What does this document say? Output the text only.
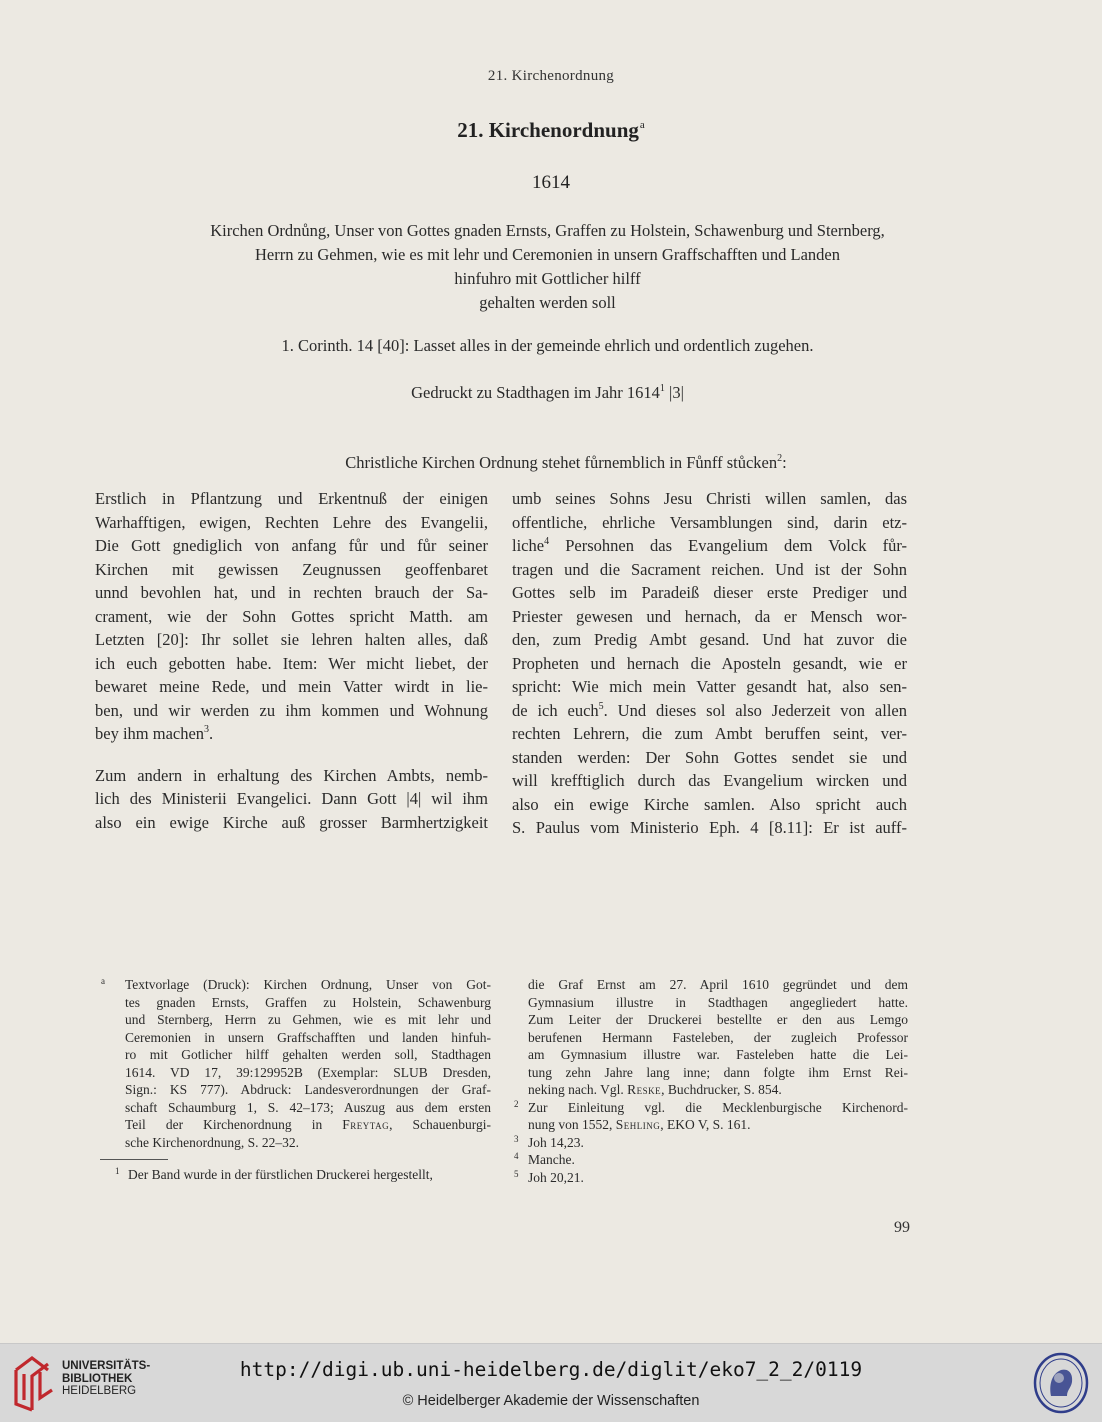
21. Kirchenordnung
21. Kirchenordnung$^a$
1614
Kirchen Ordnůng, Unser von Gottes gnaden Ernsts, Graffen zu Holstein, Schawenburg und Sternberg,
Herrn zu Gehmen, wie es mit lehr und Ceremonien in unsern Graffschafften und Landen
hinfuhro mit Gottlicher hilff
gehalten werden soll
1. Corinth. 14 [40]: Lasset alles in der gemeinde ehrlich und ordentlich zugehen.
Gedruckt zu Stadthagen im Jahr 1614$^1$ |3|
Christliche Kirchen Ordnung stehet fůrnemblich in Fůnff stůcken$^2$:
Erstlich in Pflantzung und Erkentnuß der einigen
Warhafftigen, ewigen, Rechten Lehre des Evangelii,
Die Gott gnediglich von anfang fůr und fůr seiner
Kirchen mit gewissen Zeugnussen geoffenbaret
unnd bevohlen hat, und in rechten brauch der Sa-
crament, wie der Sohn Gottes spricht Matth. am
Letzten [20]: Ihr sollet sie lehren halten alles, daß
ich euch gebotten habe. Item: Wer micht liebet, der
bewaret meine Rede, und mein Vatter wirdt in lie-
ben, und wir werden zu ihm kommen und Wohnung
bey ihm machen$^3$.
Zum andern in erhaltung des Kirchen Ambts, nemb-
lich des Ministerii Evangelici. Dann Gott |4| wil ihm
also ein ewige Kirche auß grosser Barmhertzigkeit
umb seines Sohns Jesu Christi willen samlen, das
offentliche, ehrliche Versamblungen sind, darin etz-
liche$^4$ Persohnen das Evangelium dem Volck fůr-
tragen und die Sacrament reichen. Und ist der Sohn
Gottes selb im Paradeiß dieser erste Prediger und
Priester gewesen und hernach, da er Mensch wor-
den, zum Predig Ambt gesand. Und hat zuvor die
Propheten und hernach die Aposteln gesandt, wie er
spricht: Wie mich mein Vatter gesandt hat, also sen-
de ich euch$^5$. Und dieses sol also Jederzeit von allen
rechten Lehrern, die zum Ambt beruffen seint, ver-
standen werden: Der Sohn Gottes sendet sie und
will krefftiglich durch das Evangelium wircken und
also ein ewige Kirche samlen. Also spricht auch
S. Paulus vom Ministerio Eph. 4 [8.11]: Er ist auff-
a Textvorlage (Druck): Kirchen Ordnung, Unser von Got-
tes gnaden Ernsts, Graffen zu Holstein, Schawenburg
und Sternberg, Herrn zu Gehmen, wie es mit lehr und
Ceremonien in unsern Graffschafften und landen hinfuh-
ro mit Gotlicher hilff gehalten werden soll, Stadthagen
1614. VD 17, 39:129952B (Exemplar: SLUB Dresden,
Sign.: KS 777). Abdruck: Landesverordnungen der Graf-
schaft Schaumburg 1, S. 42–173; Auszug aus dem ersten
Teil der Kirchenordnung in Freytag, Schauenburgi-
sche Kirchenordnung, S. 22–32.
1 Der Band wurde in der fürstlichen Druckerei hergestellt,
die Graf Ernst am 27. April 1610 gegründet und dem
Gymnasium illustre in Stadthagen angegliedert hatte.
Zum Leiter der Druckerei bestellte er den aus Lemgo
berufenen Hermann Fasteleben, der zugleich Professor
am Gymnasium illustre war. Fasteleben hatte die Lei-
tung zehn Jahre lang inne; dann folgte ihm Ernst Rei-
neking nach. Vgl. Reske, Buchdrucker, S. 854.
2 Zur Einleitung vgl. die Mecklenburgische Kirchenord-
nung von 1552, Sehling, EKO V, S. 161.
3 Joh 14,23.
4 Manche.
5 Joh 20,21.
99
UNIVERSITÄTS-
BIBLIOTHEK
HEIDELBERG
http://digi.ub.uni-heidelberg.de/diglit/eko7_2_2/0119
© Heidelberger Akademie der Wissenschaften
